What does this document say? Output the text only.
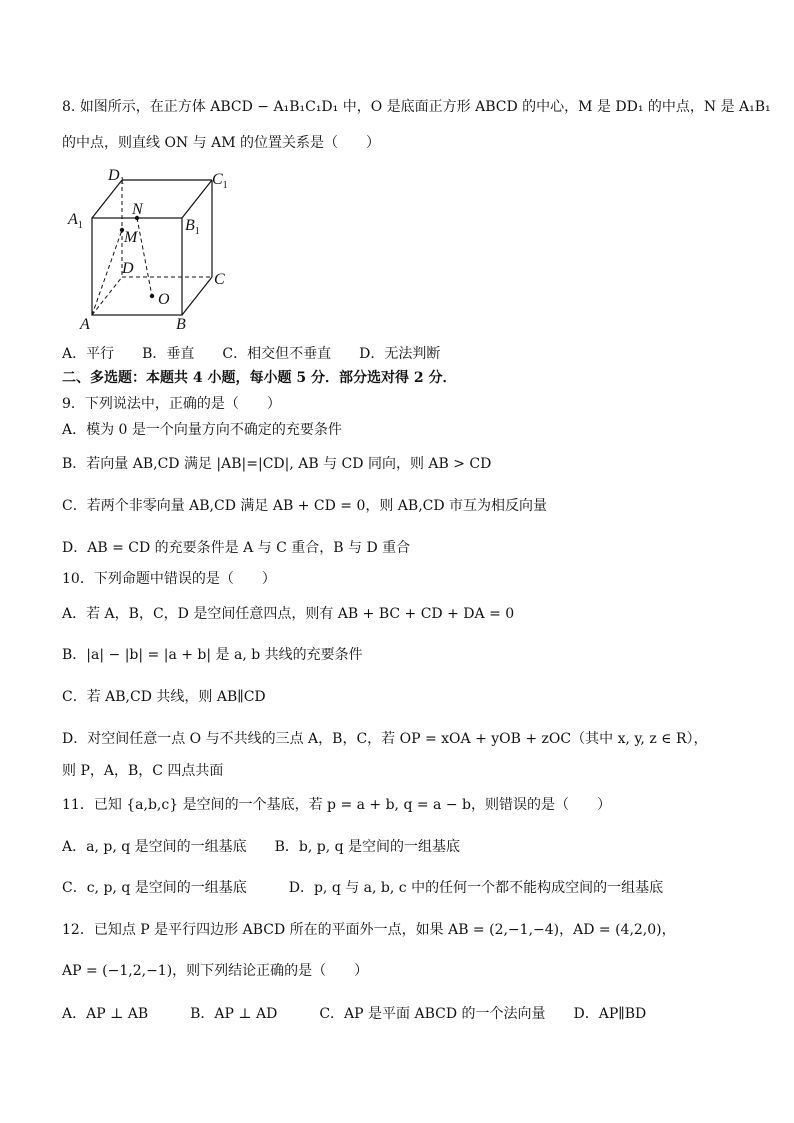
8. 如图所示，在正方体 ABCD − A₁B₁C₁D₁ 中，O 是底面正方形 ABCD 的中心，M 是 DD₁ 的中点，N 是 A₁B₁
的中点，则直线 ON 与 AM 的位置关系是（　　）
$D_1$	$C_1$
$A_1$	$B_1$
N
M
D
C
O
A	B
A．平行　　B．垂直　　C．相交但不垂直　　D．无法判断
二、多选题：本题共 4 小题，每小题 5 分．部分选对得 2 分．
9．下列说法中，正确的是（　　）
A．模为 0 是一个向量方向不确定的充要条件
B．若向量 AB,CD 满足 |AB|=|CD|, AB 与 CD 同向，则 AB > CD
C．若两个非零向量 AB,CD 满足 AB + CD = 0，则 AB,CD 市互为相反向量
D．AB = CD 的充要条件是 A 与 C 重合，B 与 D 重合
10．下列命题中错误的是（　　）
A．若 A，B，C，D 是空间任意四点，则有 AB + BC + CD + DA = 0
B．|a| − |b| = |a + b| 是 a, b 共线的充要条件
C．若 AB,CD 共线，则 AB∥CD
D．对空间任意一点 O 与不共线的三点 A，B，C，若 OP = xOA + yOB + zOC（其中 x, y, z ∈ R），
则 P，A，B，C 四点共面
11．已知 {a,b,c} 是空间的一个基底，若 p = a + b, q = a − b，则错误的是（　　）
A．a, p, q 是空间的一组基底　　B．b, p, q 是空间的一组基底
C．c, p, q 是空间的一组基底　　　D．p, q 与 a, b, c 中的任何一个都不能构成空间的一组基底
12．已知点 P 是平行四边形 ABCD 所在的平面外一点，如果 AB = (2,−1,−4)，AD = (4,2,0)，
AP = (−1,2,−1)，则下列结论正确的是（　　）
A．AP ⊥ AB　　　B．AP ⊥ AD　　　C．AP 是平面 ABCD 的一个法向量　　D．AP∥BD
